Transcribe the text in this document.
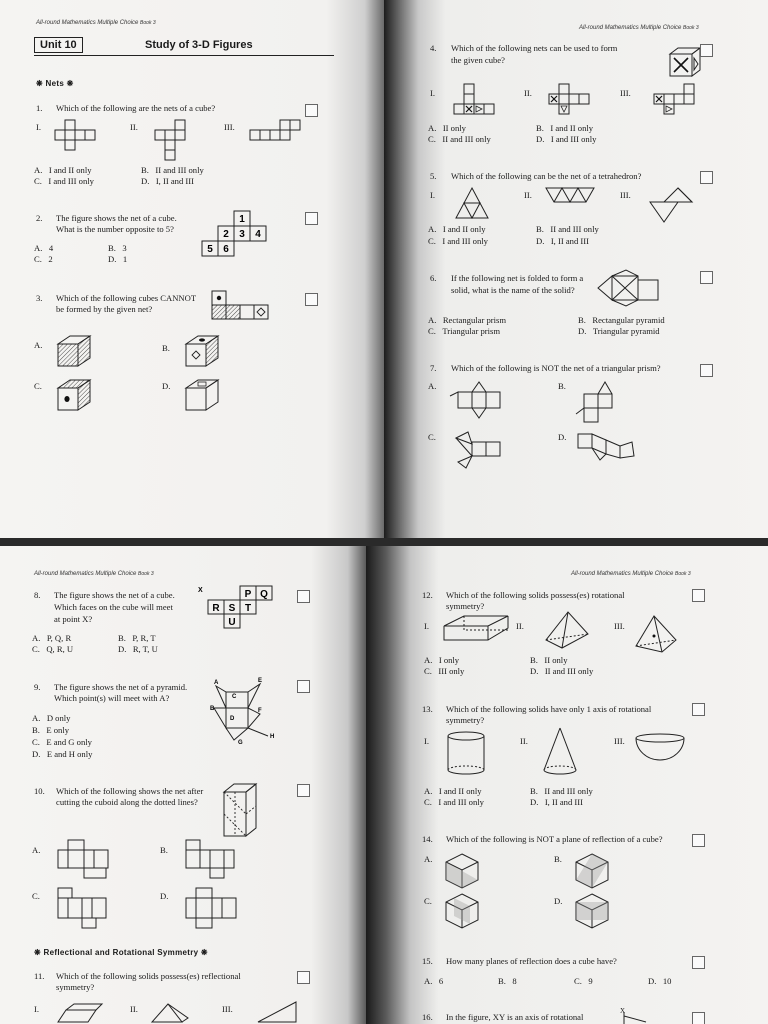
All-round Mathematics Multiple Choice Book 3
Unit 10	Study of 3-D Figures
❋ Nets ❋
1. Which of the following are the nets of a cube?
I.	II.	III.
A. I and II only	B. II and III only
C. I and III only	D. I, II and III
2. The figure shows the net of a cube.
What is the number opposite to 5?
1
2 3 4
5 6
A. 4	B. 3
C. 2	D. 1
3. Which of the following cubes CANNOT
be formed by the given net?
A.	B.
C.	D.
All-round Mathematics Multiple Choice Book 3
4. Which of the following nets can be used to form
the given cube?
I.	II.	III.
A. II only	B. I and II only
C. II and III only	D. I and III only
5. Which of the following can be the net of a tetrahedron?
I.	II.	III.
A. I and II only	B. II and III only
C. I and III only	D. I, II and III
6. If the following net is folded to form a
solid, what is the name of the solid?
A. Rectangular prism	B. Rectangular pyramid
C. Triangular prism	D. Triangular pyramid
7. Which of the following is NOT the net of a triangular prism?
A.	B.
C.	D.
All-round Mathematics Multiple Choice Book 3
8. The figure shows the net of a cube.
Which faces on the cube will meet
at point X?
P Q
R S T
U
X
A. P, Q, R	B. P, R, T
C. Q, R, U	D. R, T, U
9. The figure shows the net of a pyramid.
Which point(s) will meet with A?
A
B
C
D
E
F
G
H
A. D only
B. E only
C. E and G only
D. E and H only
10. Which of the following shows the net after
cutting the cuboid along the dotted lines?
A.	B.
C.	D.
❋ Reflectional and Rotational Symmetry ❋
11. Which of the following solids possess(es) reflectional
symmetry?
I.	II.	III.
All-round Mathematics Multiple Choice Book 3
12. Which of the following solids possess(es) rotational
symmetry?
I.	II.	III.
A. I only	B. II only
C. III only	D. II and III only
13. Which of the following solids have only 1 axis of rotational
symmetry?
I.	II.	III.
A. I and II only	B. II and III only
C. I and III only	D. I, II and III
14. Which of the following is NOT a plane of reflection of a cube?
A.	B.
C.	D.
15. How many planes of reflection does a cube have?
A. 6	B. 8	C. 9	D. 10
16. In the figure, XY is an axis of rotational
X
